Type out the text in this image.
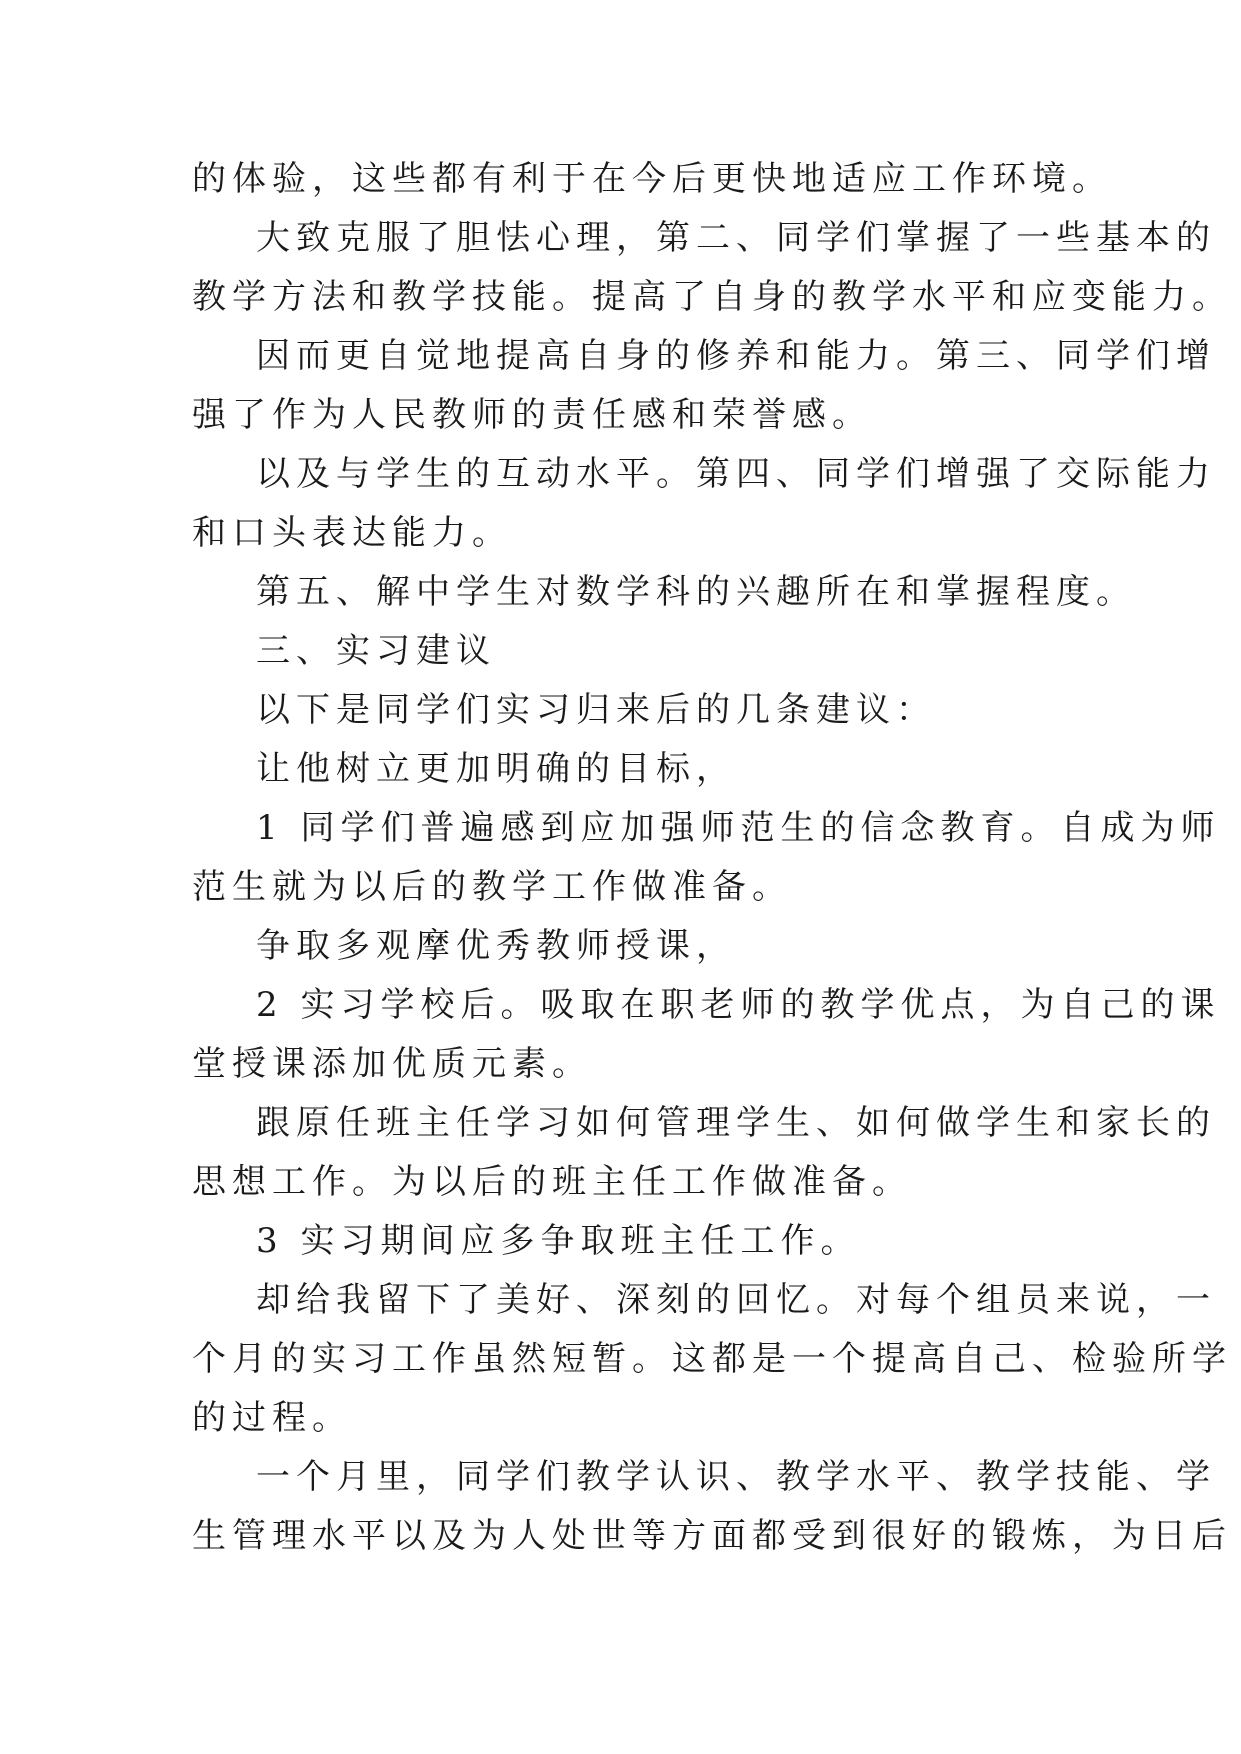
的体验，这些都有利于在今后更快地适应工作环境。
大致克服了胆怯心理，第二、同学们掌握了一些基本的
教学方法和教学技能。提高了自身的教学水平和应变能力。
因而更自觉地提高自身的修养和能力。第三、同学们增
强了作为人民教师的责任感和荣誉感。
以及与学生的互动水平。第四、同学们增强了交际能力
和口头表达能力。
第五、解中学生对数学科的兴趣所在和掌握程度。
三、实习建议
以下是同学们实习归来后的几条建议：
让他树立更加明确的目标，
1 同学们普遍感到应加强师范生的信念教育。自成为师
范生就为以后的教学工作做准备。
争取多观摩优秀教师授课，
2 实习学校后。吸取在职老师的教学优点，为自己的课
堂授课添加优质元素。
跟原任班主任学习如何管理学生、如何做学生和家长的
思想工作。为以后的班主任工作做准备。
3 实习期间应多争取班主任工作。
却给我留下了美好、深刻的回忆。对每个组员来说，一
个月的实习工作虽然短暂。这都是一个提高自己、检验所学
的过程。
一个月里，同学们教学认识、教学水平、教学技能、学
生管理水平以及为人处世等方面都受到很好的锻炼，为日后
